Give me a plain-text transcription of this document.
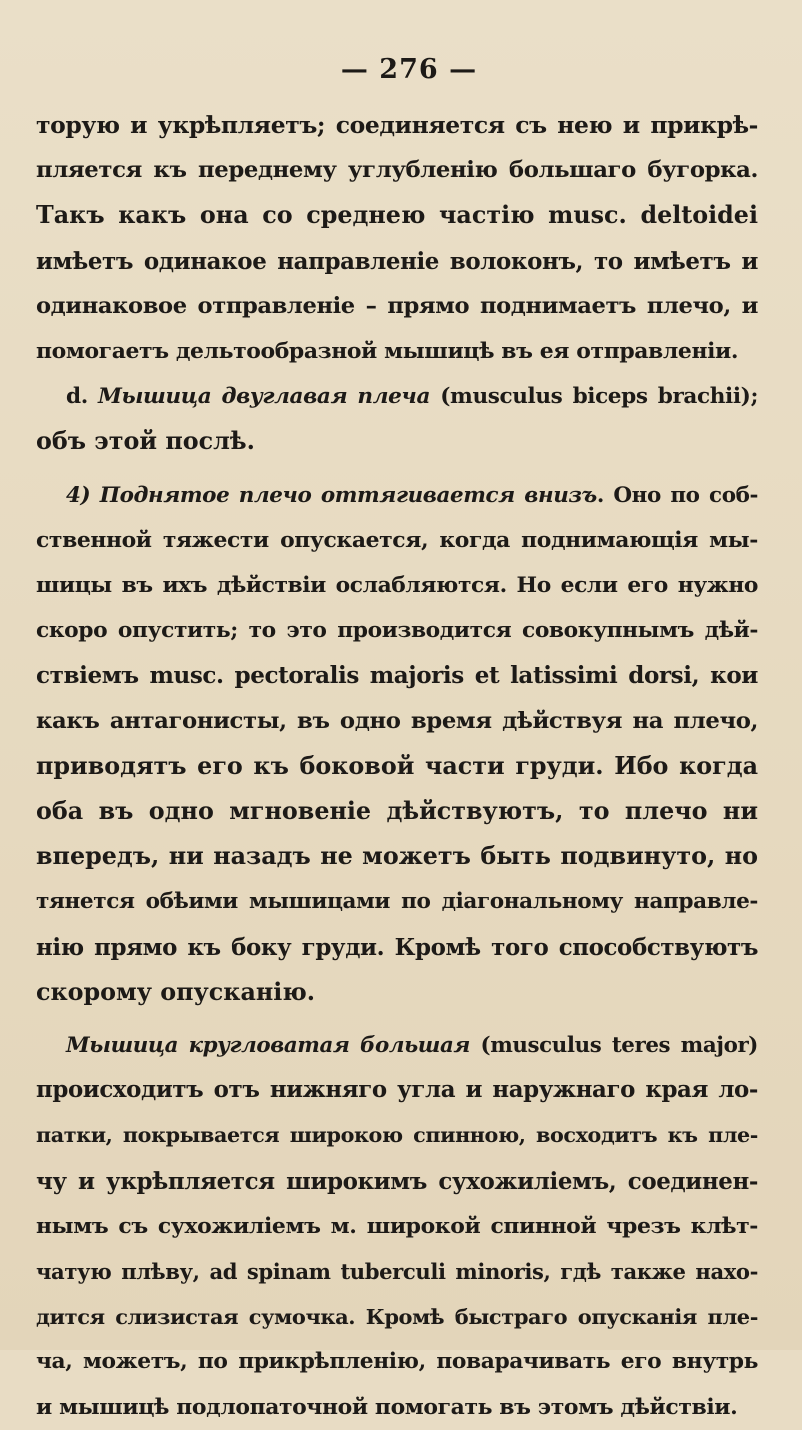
— 276 —
торую и укрѣпляетъ; соединяется съ нею и прикрѣ-
пляется къ переднему углубленію большаго бугорка.
Такъ какъ она со среднею частію musc. deltoidei
имѣетъ одинакое направленіе волоконъ, то имѣетъ и
одинаковое отправленіе – прямо поднимаетъ плечо, и
помогаетъ дельтообразной мышицѣ въ ея отправленіи.
d. Мышица двуглавая плеча (musculus biceps brachii);
объ этой послѣ.
4) Поднятое плечо оттягивается внизъ. Оно по соб-
ственной тяжести опускается, когда поднимающія мы-
шицы въ ихъ дѣйствіи ослабляются. Но если его нужно
скоро опустить; то это производится совокупнымъ дѣй-
ствіемъ musc. pectoralis majoris et latissimi dorsi, кои
какъ антагонисты, въ одно время дѣйствуя на плечо,
приводятъ его къ боковой части груди. Ибо когда
оба въ одно мгновеніе дѣйствуютъ, то плечо ни
впередъ, ни назадъ не можетъ быть подвинуто, но
тянется обѣими мышицами по діагональному направле-
нію прямо къ боку груди. Кромѣ того способствуютъ
скорому опусканію.
Мышица кругловатая большая (musculus teres major)
происходитъ отъ нижняго угла и наружнаго края ло-
патки, покрывается широкою спинною, восходитъ къ пле-
чу и укрѣпляется широкимъ сухожиліемъ, соединен-
нымъ съ сухожиліемъ м. широкой спинной чрезъ клѣт-
чатую плѣву, ad spinam tuberculi minoris, гдѣ также нахо-
дится слизистая сумочка. Кромѣ быстраго опусканія пле-
ча, можетъ, по прикрѣпленію, поварачивать его внутрь
и мышицѣ подлопаточной помогать въ этомъ дѣйствіи.
